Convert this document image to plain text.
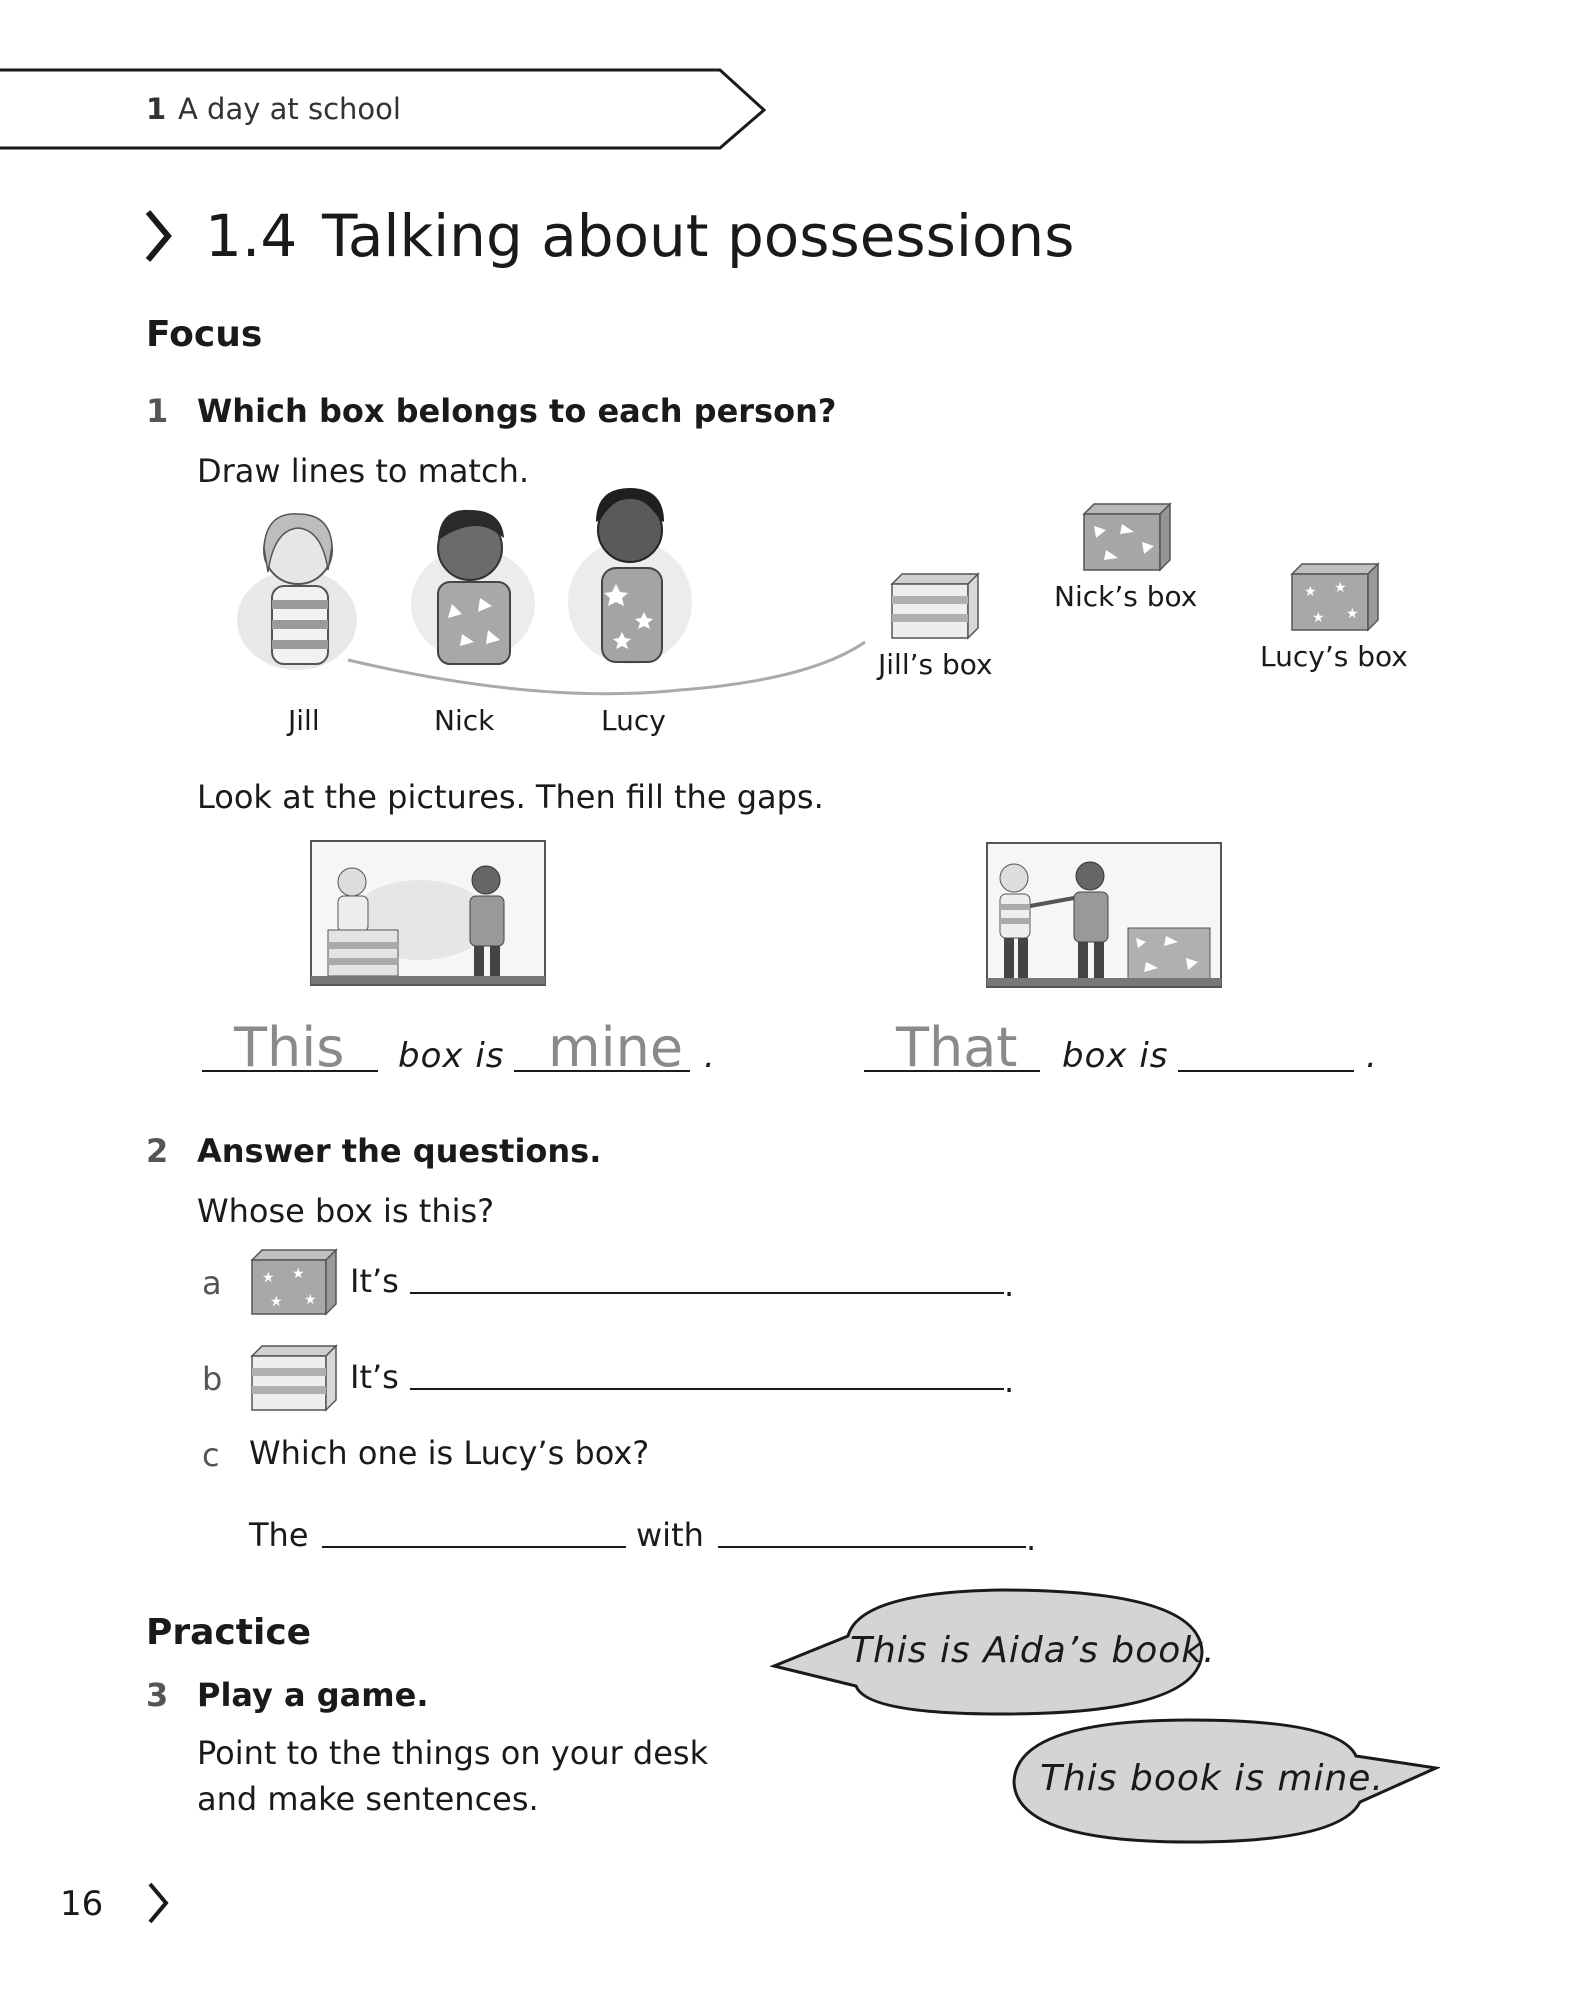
1 A day at school
1.4 Talking about possessions
Focus
1 Which box belongs to each person?
Draw lines to match.
Jill	Nick	Lucy
Jill’s box
Nick’s box	★ ★
★
★
Lucy’s box
Look at the pictures. Then fill the gaps.
This box is mine .	That box is	.
2 Answer the questions.
Whose box is this?
a	★ ★
★
★
It’s	.
b	It’s	.
c Which one is Lucy’s box?
The	with	.
Practice
3 Play a game.
Point to the things on your desk
and make sentences.
This is Aida’s book.
This book is mine.
16
